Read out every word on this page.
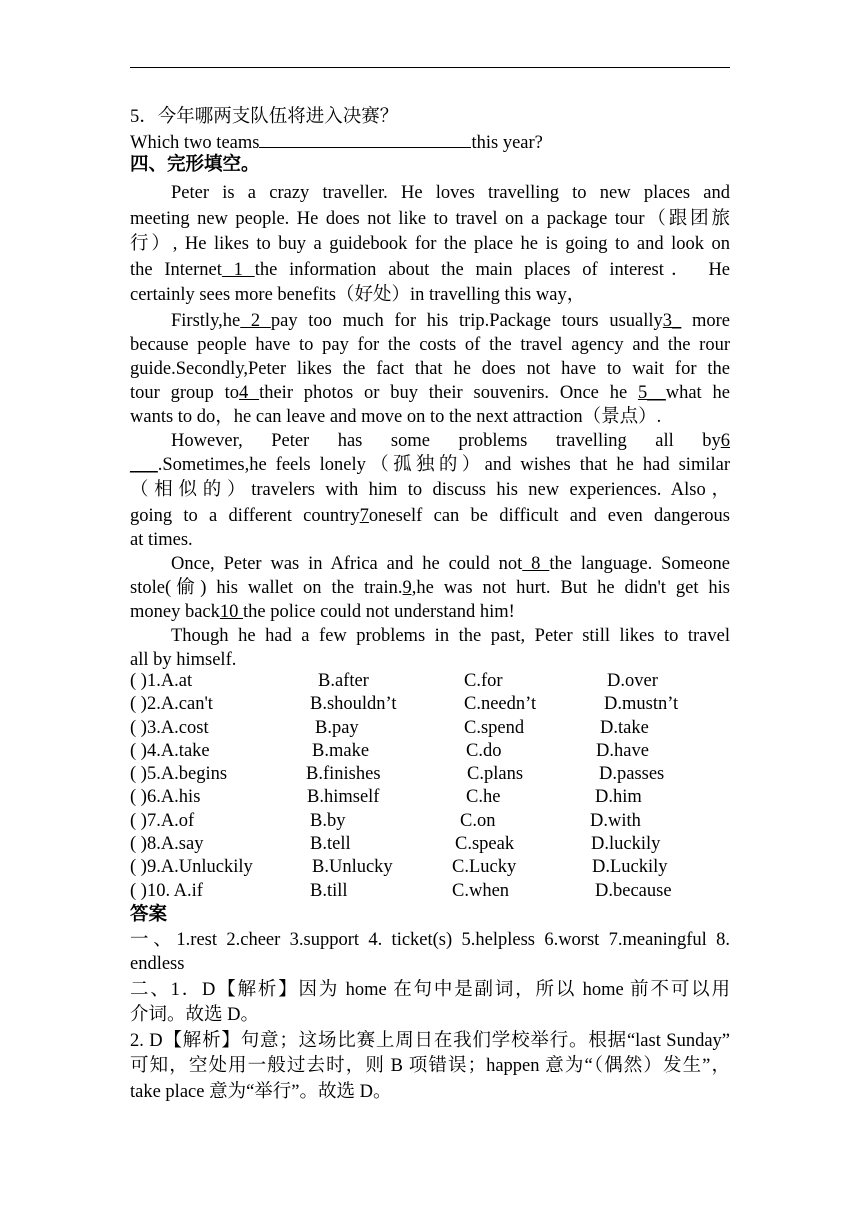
5．今年哪两支队伍将进入决赛？
Which two teams	this year?
四、完形填空。
Peter is a crazy traveller. He loves travelling to new places and
meeting new people. He does not like to travel on a package tour（跟团旅
行）, He likes to buy a guidebook for the place he is going to and look on
the Internet 1 the information about the main places of interest． He
certainly sees more benefits（好处）in travelling this way，
Firstly,he 2 pay too much for his trip.Package tours usually3_ more
because people have to pay for the costs of the travel agency and the rour
guide.Secondly,Peter likes the fact that he does not have to wait for the
tour group to4 their photos or buy their souvenirs. Once he 5__what he
wants to do，he can leave and move on to the next attraction（景点）.
However, Peter has some problems travelling all by6
___.Sometimes,he feels lonely（孤独的）and wishes that he had similar
（相似的）travelers with him to discuss his new experiences. Also，
going to a different country7oneself can be difficult and even dangerous
at times.
Once, Peter was in Africa and he could not 8 the language. Someone
stole(偷) his wallet on the train.9,he was not hurt. But he didn't get his
money back10 the police could not understand him!
Though he had a few problems in the past, Peter still likes to travel
all by himself.
( )1.A.at	B.after	C.for	D.over
( )2.A.can't	B.shouldn’t	C.needn’t	D.mustn’t
( )3.A.cost	B.pay	C.spend	D.take
( )4.A.take	B.make	C.do	D.have
( )5.A.begins	B.finishes	C.plans	D.passes
( )6.A.his	B.himself	C.he	D.him
( )7.A.of	B.by	C.on	D.with
( )8.A.say	B.tell	C.speak	D.luckily
( )9.A.Unluckily	B.Unlucky	C.Lucky	D.Luckily
( )10. A.if	B.till	C.when	D.because
答案
一、1.rest 2.cheer 3.support 4. ticket(s) 5.helpless 6.worst 7.meaningful 8.
endless
二、1．D【解析】因为 home 在句中是副词，所以 home 前不可以用
介词。故选 D。
2. D【解析】句意；这场比赛上周日在我们学校举行。根据“last Sunday”
可知，空处用一般过去时，则 B 项错误；happen 意为“（偶然）发生”，
take place 意为“举行”。故选 D。
